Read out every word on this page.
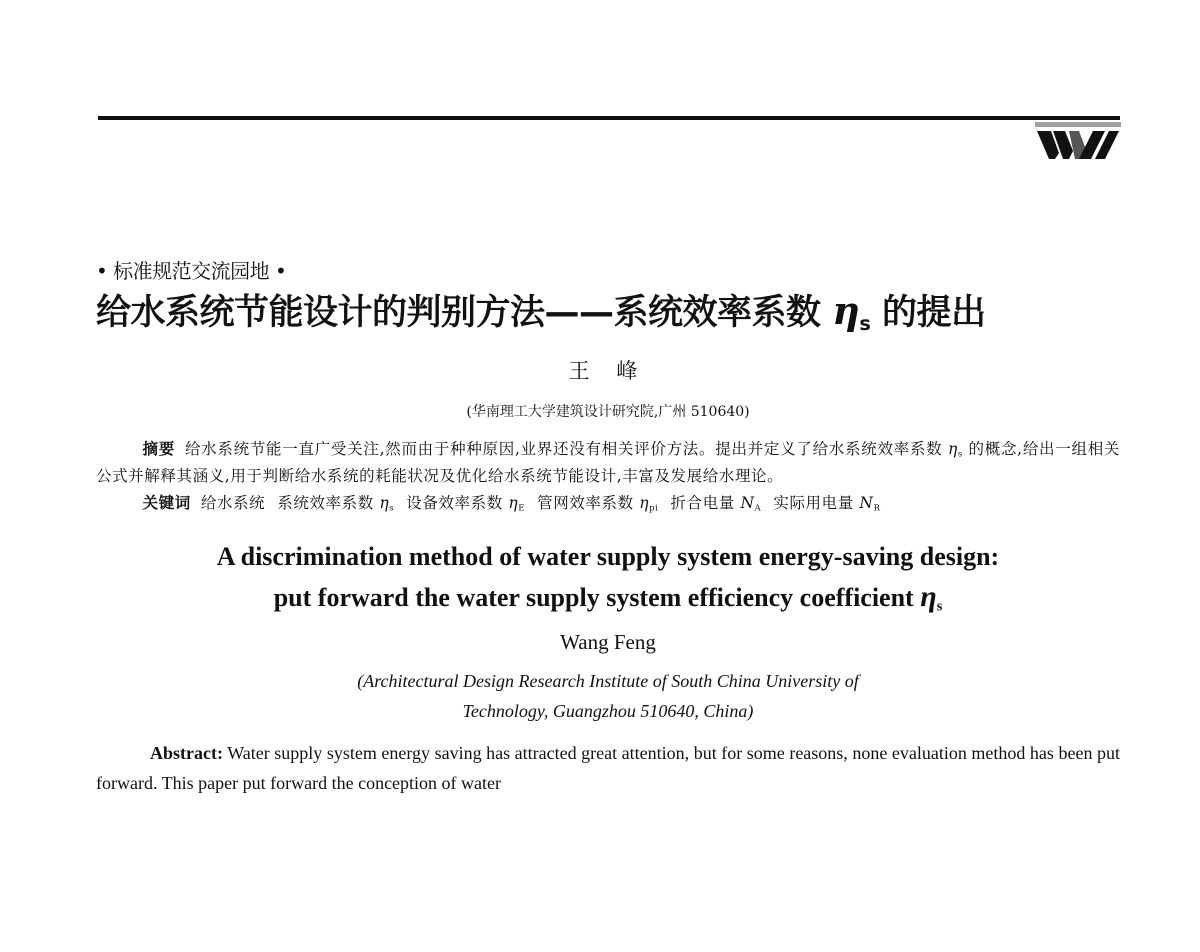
• 标准规范交流园地 •

给水系统节能设计的判别方法——系统效率系数 $\eta_s$ 的提出

王 峰

(华南理工大学建筑设计研究院,广州 510640)

摘要 给水系统节能一直广受关注,然而由于种种原因,业界还没有相关评价方法。提出并定义了给水系统效率系数 $\eta_s$ 的概念,给出一组相关公式并解释其涵义,用于判断给水系统的耗能状况及优化给水系统节能设计,丰富及发展给水理论。

关键词 给水系统 系统效率系数 $\eta_s$ 设备效率系数 $\eta_E$ 管网效率系数 $\eta_{pi}$ 折合电量 $N_A$ 实际用电量 $N_R$

A discrimination method of water supply system energy-saving design:
put forward the water supply system efficiency coefficient $\eta_s$

Wang Feng

(Architectural Design Research Institute of South China University of
Technology, Guangzhou 510640, China)

Abstract: Water supply system energy saving has attracted great attention, but for some reasons, none evaluation method has been put forward. This paper put forward the conception of water
